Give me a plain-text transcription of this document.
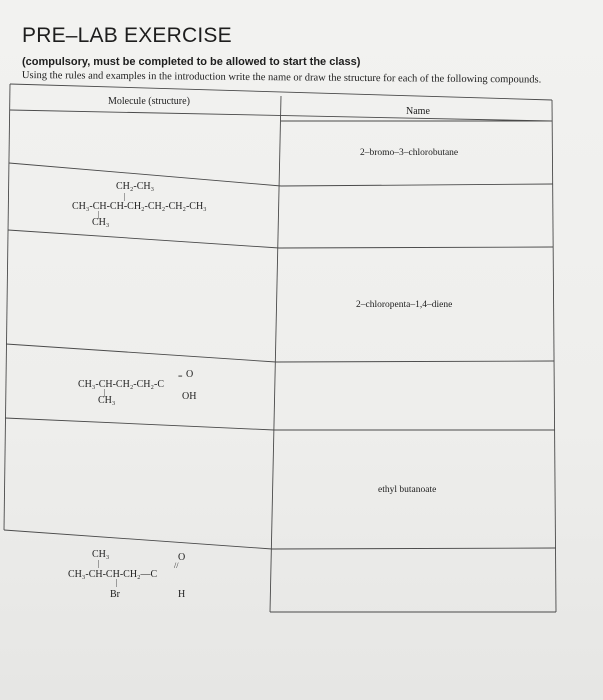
PRE–LAB EXERCISE
(compulsory, must be completed to be allowed to start the class)
Using the rules and examples in the introduction write the name or draw the structure for each of the following compounds.
Molecule (structure)
Name
2–bromo–3–chlorobutane
2–chloropenta–1,4–diene
ethyl butanoate
CH₂-CH₃
|
CH₃-CH-CH-CH₂-CH₂-CH₂-CH₃
|
CH₃
CH₃-CH-CH₂-CH₂-C
O
=
OH
|
CH₃
CH₃
|
CH₃-CH-CH-CH₂—C
O
//
H
|
Br
